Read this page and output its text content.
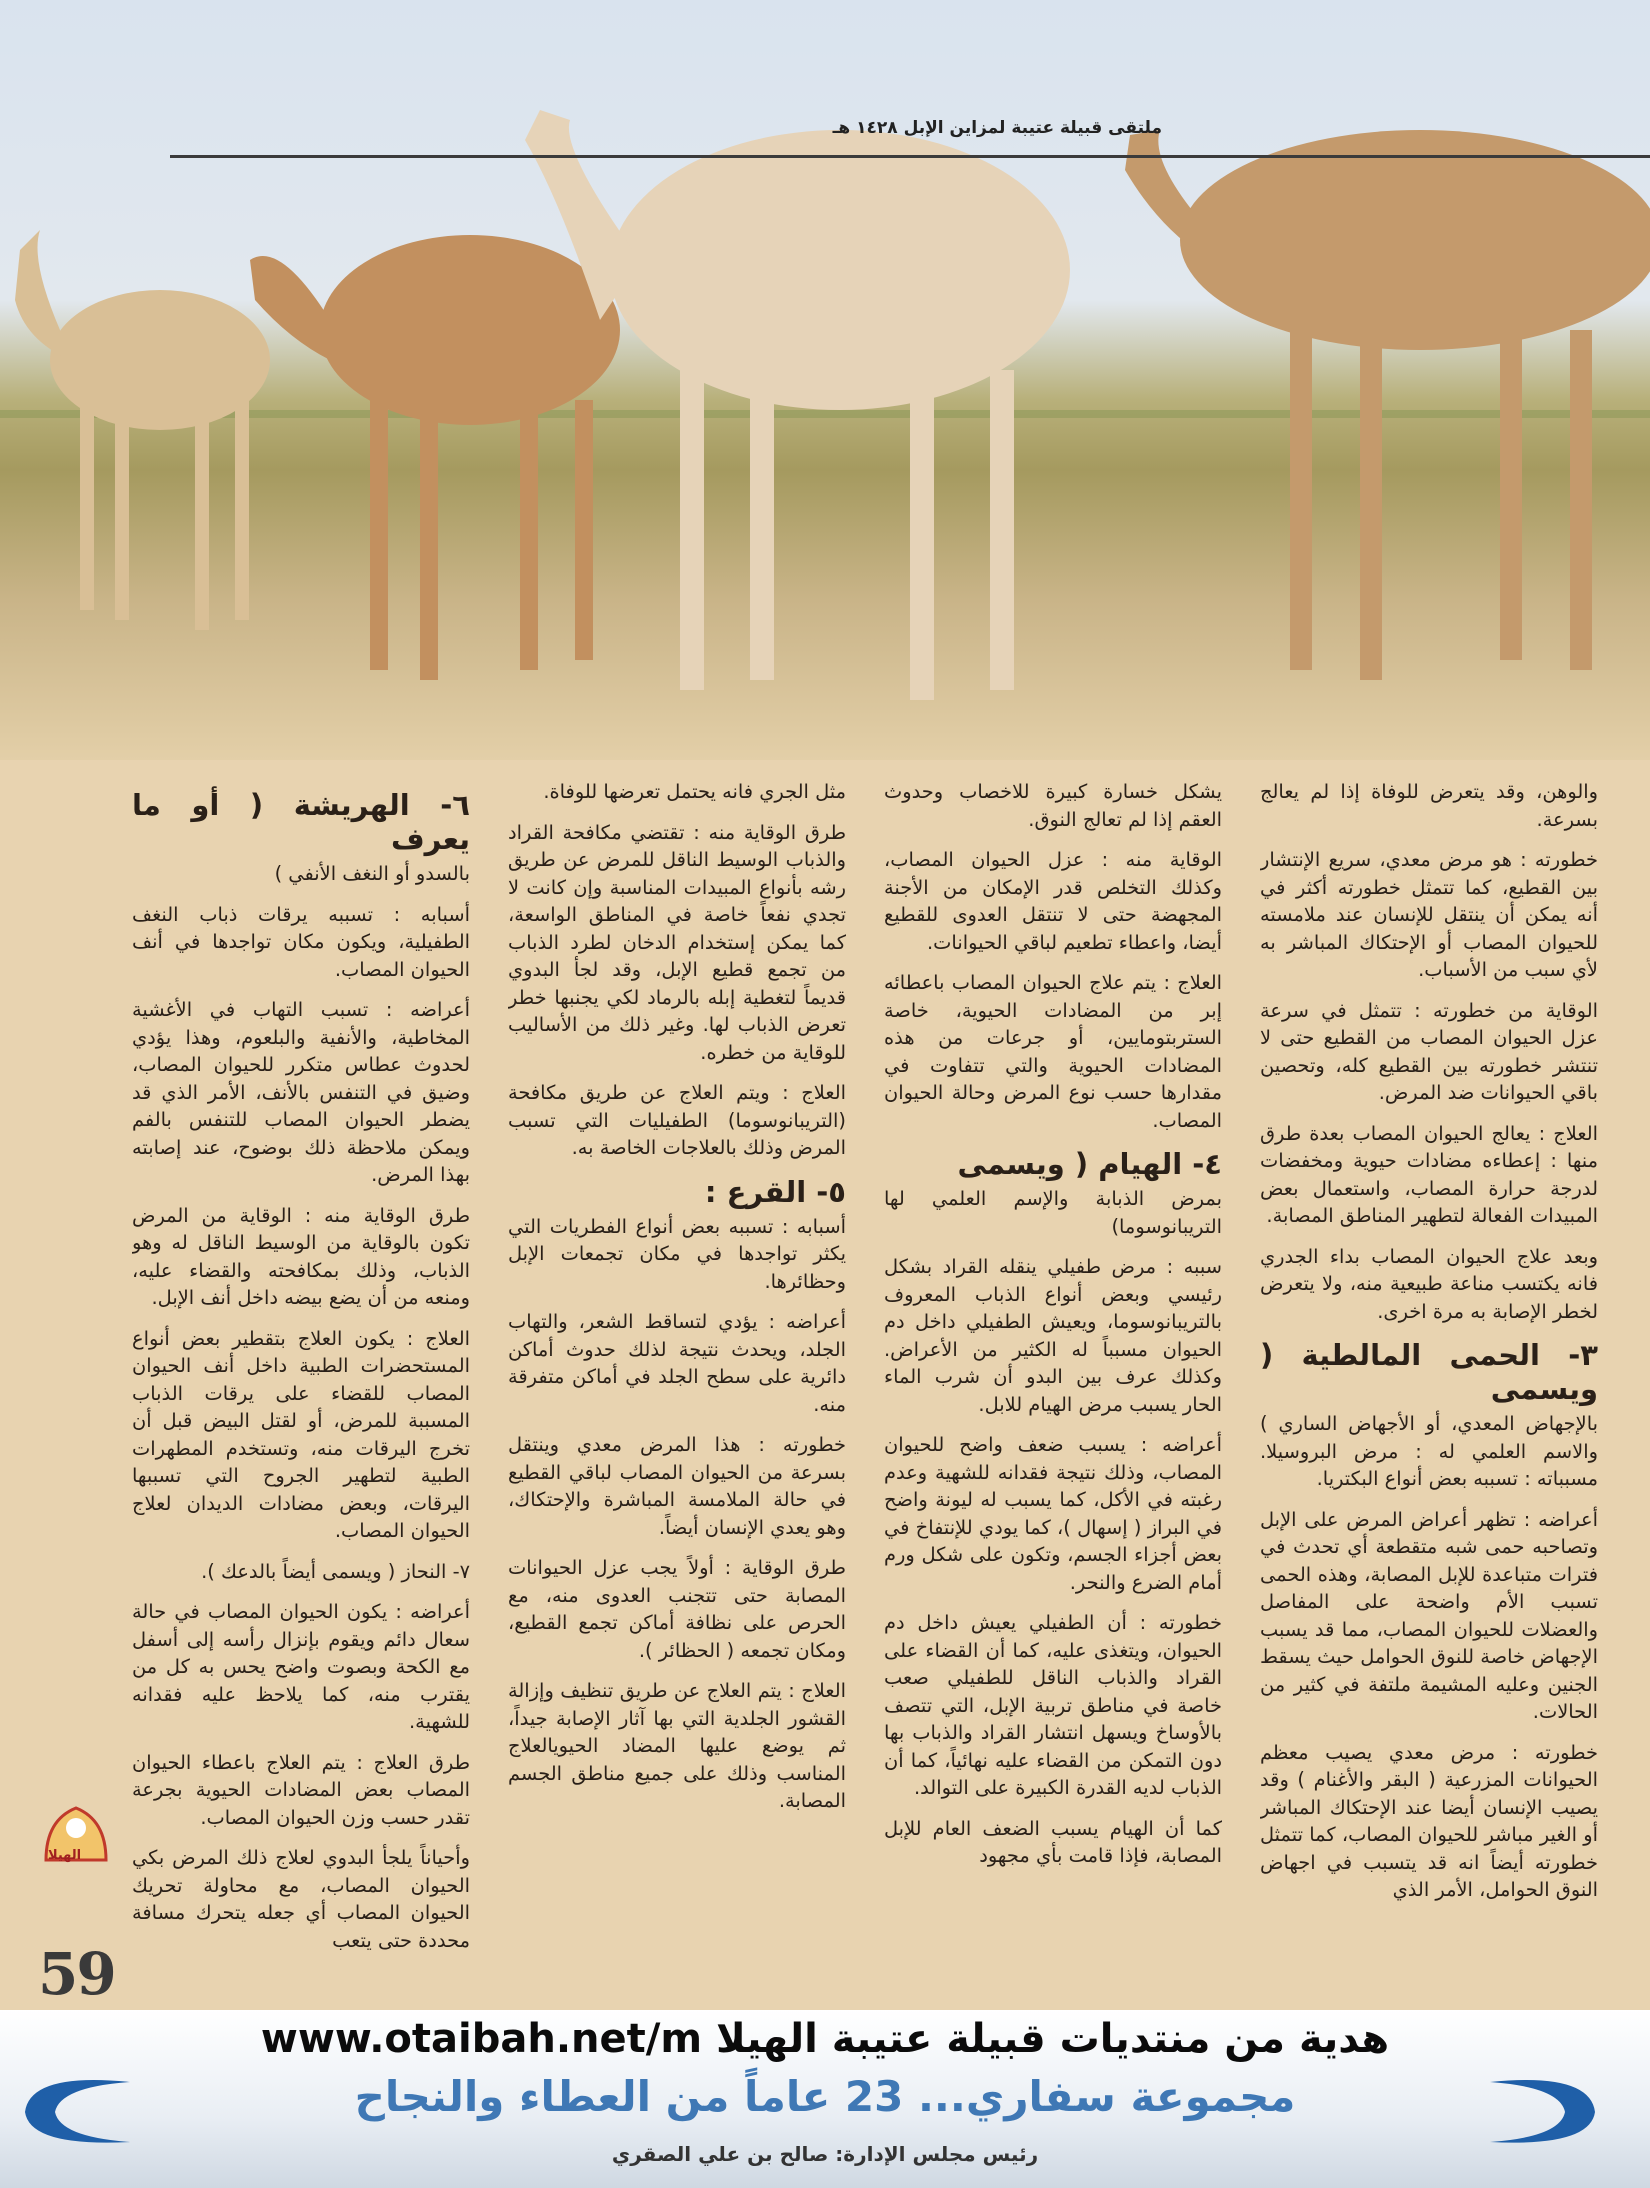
ملتقى قبيلة عتيبة لمزاين الإبل ١٤٢٨ هـ

والوهن، وقد يتعرض للوفاة إذا لم يعالج بسرعة.

خطورته : هو مرض معدي، سريع الإنتشار بين القطيع، كما تتمثل خطورته أكثر في أنه يمكن أن ينتقل للإنسان عند ملامسته للحيوان المصاب أو الإحتكاك المباشر به لأي سبب من الأسباب.

الوقاية من خطورته : تتمثل في سرعة عزل الحيوان المصاب من القطيع حتى لا تنتشر خطورته بين القطيع كله، وتحصين باقي الحيوانات ضد المرض.

العلاج : يعالج الحيوان المصاب بعدة طرق منها : إعطاءه مضادات حيوية ومخفضات لدرجة حرارة المصاب، واستعمال بعض المبيدات الفعالة لتطهير المناطق المصابة.

وبعد علاج الحيوان المصاب بداء الجدري فانه يكتسب مناعة طبيعية منه، ولا يتعرض لخطر الإصابة به مرة اخرى.

٣- الحمى المالطية ( ويسمى

بالإجهاض المعدي، أو الأجهاض الساري ) والاسم العلمي له : مرض البروسيلا. مسبباته : تسببه بعض أنواع البكتريا.

أعراضه : تظهر أعراض المرض على الإبل وتصاحبه حمى شبه متقطعة أي تحدث في فترات متباعدة للإبل المصابة، وهذه الحمى تسبب الأم واضحة على المفاصل والعضلات للحيوان المصاب، مما قد يسبب الإجهاض خاصة للنوق الحوامل حيث يسقط الجنين وعليه المشيمة ملتفة في كثير من الحالات.

خطورته : مرض معدي يصيب معظم الحيوانات المزرعية ( البقر والأغنام ) وقد يصيب الإنسان أيضا عند الإحتكاك المباشر أو الغير مباشر للحيوان المصاب، كما تتمثل خطورته أيضاً انه قد يتسبب في اجهاض النوق الحوامل، الأمر الذي

يشكل خسارة كبيرة للاخصاب وحدوث العقم إذا لم تعالج النوق.

الوقاية منه : عزل الحيوان المصاب، وكذلك التخلص قدر الإمكان من الأجنة المجهضة حتى لا تنتقل العدوى للقطيع أيضا، واعطاء تطعيم لباقي الحيوانات.

العلاج : يتم علاج الحيوان المصاب باعطائه إبر من المضادات الحيوية، خاصة الستربتومايين، أو جرعات من هذه المضادات الحيوية والتي تتفاوت في مقدارها حسب نوع المرض وحالة الحيوان المصاب.

٤- الهيام ( ويسمى

بمرض الذبابة والإسم العلمي لها التريبانوسوما)

سببه : مرض طفيلي ينقله القراد بشكل رئيسي وبعض أنواع الذباب المعروف بالتريبانوسوما، ويعيش الطفيلي داخل دم الحيوان مسبباً له الكثير من الأعراض. وكذلك عرف بين البدو أن شرب الماء الحار يسبب مرض الهيام للابل.

أعراضه : يسبب ضعف واضح للحيوان المصاب، وذلك نتيجة فقدانه للشهية وعدم رغبته في الأكل، كما يسبب له ليونة واضح في البراز ( إسهال )، كما يودي للإنتفاخ في بعض أجزاء الجسم، وتكون على شكل ورم أمام الضرع والنحر.

خطورته : أن الطفيلي يعيش داخل دم الحيوان، ويتغذى عليه، كما أن القضاء على القراد والذباب الناقل للطفيلي صعب خاصة في مناطق تربية الإبل، التي تتصف بالأوساخ ويسهل انتشار القراد والذباب بها دون التمكن من القضاء عليه نهائياً، كما أن الذباب لديه القدرة الكبيرة على التوالد.

كما أن الهيام يسبب الضعف العام للإبل المصابة، فإذا قامت بأي مجهود

مثل الجري فانه يحتمل تعرضها للوفاة.

طرق الوقاية منه : تقتضي مكافحة القراد والذباب الوسيط الناقل للمرض عن طريق رشه بأنواع المبيدات المناسبة وإن كانت لا تجدي نفعاً خاصة في المناطق الواسعة، كما يمكن إستخدام الدخان لطرد الذباب من تجمع قطيع الإبل، وقد لجأ البدوي قديماً لتغطية إبله بالرماد لكي يجنبها خطر تعرض الذباب لها. وغير ذلك من الأساليب للوقاية من خطره.

العلاج : ويتم العلاج عن طريق مكافحة (التريبانوسوما) الطفيليات التي تسبب المرض وذلك بالعلاجات الخاصة به.

٥- القرع :

أسبابه : تسببه بعض أنواع الفطريات التي يكثر تواجدها في مكان تجمعات الإبل وحظائرها.

أعراضه : يؤدي لتساقط الشعر، والتهاب الجلد، ويحدث نتيجة لذلك حدوث أماكن دائرية على سطح الجلد في أماكن متفرقة منه.

خطورته : هذا المرض معدي وينتقل بسرعة من الحيوان المصاب لباقي القطيع في حالة الملامسة المباشرة والإحتكاك، وهو يعدي الإنسان أيضاً.

طرق الوقاية : أولاً يجب عزل الحيوانات المصابة حتى تتجنب العدوى منه، مع الحرص على نظافة أماكن تجمع القطيع، ومكان تجمعه ( الحظائر ).

العلاج : يتم العلاج عن طريق تنظيف وإزالة القشور الجلدية التي بها آثار الإصابة جيداً، ثم يوضع عليها المضاد الحيويالعلاج المناسب وذلك على جميع مناطق الجسم المصابة.

٦- الهريشة ( أو ما يعرف

بالسدو أو النغف الأنفي )

أسبابه : تسببه يرقات ذباب النغف الطفيلية، ويكون مكان تواجدها في أنف الحيوان المصاب.

أعراضه : تسبب التهاب في الأغشية المخاطية، والأنفية والبلعوم، وهذا يؤدي لحدوث عطاس متكرر للحيوان المصاب، وضيق في التنفس بالأنف، الأمر الذي قد يضطر الحيوان المصاب للتنفس بالفم ويمكن ملاحظة ذلك بوضوح، عند إصابته بهذا المرض.

طرق الوقاية منه : الوقاية من المرض تكون بالوقاية من الوسيط الناقل له وهو الذباب، وذلك بمكافحته والقضاء عليه، ومنعه من أن يضع بيضه داخل أنف الإبل.

العلاج : يكون العلاج بتقطير بعض أنواع المستحضرات الطبية داخل أنف الحيوان المصاب للقضاء على يرقات الذباب المسببة للمرض، أو لقتل البيض قبل أن تخرج اليرقات منه، وتستخدم المطهرات الطبية لتطهير الجروح التي تسببها اليرقات، وبعض مضادات الديدان لعلاج الحيوان المصاب.

٧- النحاز ( ويسمى أيضاً بالدعك ).

أعراضه : يكون الحيوان المصاب في حالة سعال دائم ويقوم بإنزال رأسه إلى أسفل مع الكحة وبصوت واضح يحس به كل من يقترب منه، كما يلاحظ عليه فقدانه للشهية.

طرق العلاج : يتم العلاج باعطاء الحيوان المصاب بعض المضادات الحيوية بجرعة تقدر حسب وزن الحيوان المصاب.

وأحياناً يلجأ البدوي لعلاج ذلك المرض بكي الحيوان المصاب، مع محاولة تحريك الحيوان المصاب أي جعله يتحرك مسافة محددة حتى يتعب

الهيلا
59
هدية من منتديات قبيلة عتيبة الهيلا www.otaibah.net/m
مجموعة سفاري... 23 عاماً من العطاء والنجاح
رئيس مجلس الإدارة: صالح بن علي الصقري
